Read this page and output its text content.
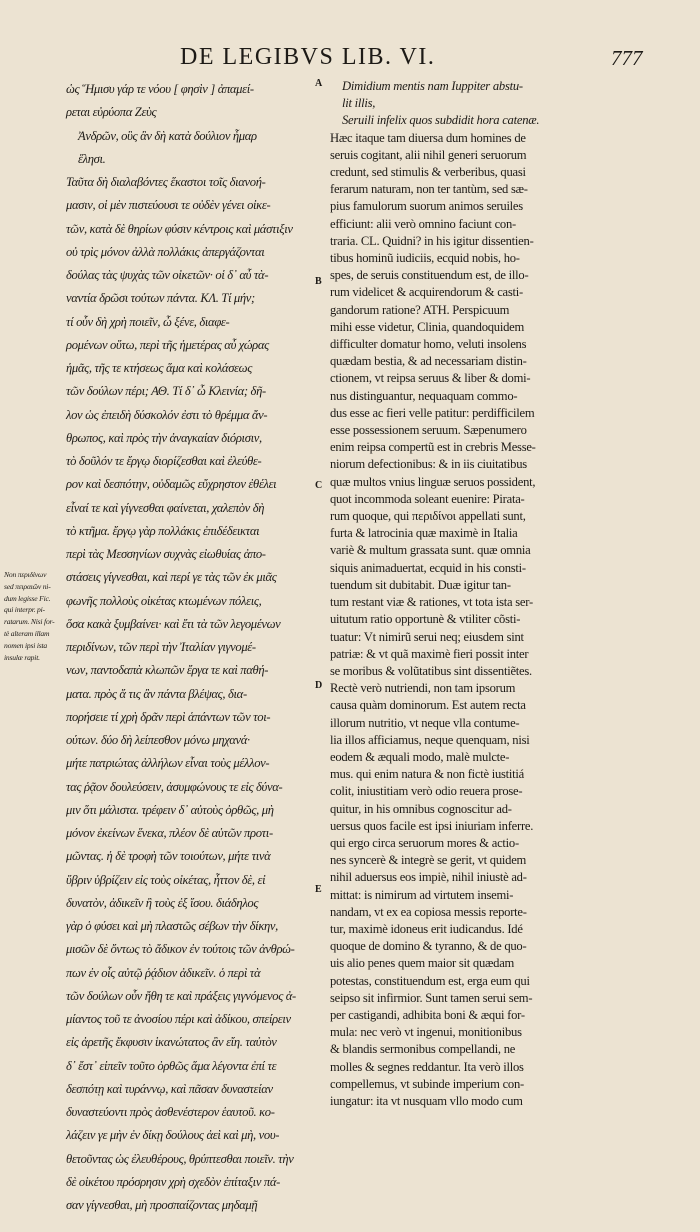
DE LEGIBVS LIB. VI.	777
ὡς Ἥμισυ γάρ τε νόου [ φησὶν ] ἀπαμεί-
ρεται εὐρύοπα Ζεὺς
Ἀνδρῶν, οὓς ἂν δὴ κατὰ δούλιον ἦμαρ
ἕλησι.
Ταῦτα δὴ διαλαβόντες ἕκαστοι τοῖς διανοή-
μασιν, οἱ μὲν πιστεύουσι τε οὐδὲν γένει οἰκε-
τῶν, κατὰ δὲ θηρίων φύσιν κέντροις καὶ μάστιξιν
οὐ τρὶς μόνον ἀλλὰ πολλάκις ἀπεργάζονται
δούλας τὰς ψυχὰς τῶν οἰκετῶν· οἱ δ᾽ αὖ τὰ-
ναντία δρῶσι τούτων πάντα. ΚΛ. Τί μήν;
τί οὖν δὴ χρὴ ποιεῖν, ὦ ξένε, διαφε-
ρομένων οὕτω, περὶ τῆς ἡμετέρας αὖ χώρας
ἡμᾶς, τῆς τε κτήσεως ἅμα καὶ κολάσεως
τῶν δούλων πέρι; ΑΘ. Τί δ᾽ ὦ Κλεινία; δῆ-
λον ὡς ἐπειδὴ δύσκολόν ἐστι τὸ θρέμμα ἄν-
θρωπος, καὶ πρὸς τὴν ἀναγκαίαν διόρισιν,
τὸ δοῦλόν τε ἔργῳ διορίζεσθαι καὶ ἐλεύθε-
ρον καὶ δεσπότην, οὐδαμῶς εὔχρηστον ἐθέλει
εἶναί τε καὶ γίγνεσθαι φαίνεται, χαλεπὸν δὴ
τὸ κτῆμα. ἔργῳ γὰρ πολλάκις ἐπιδέδεικται
περὶ τὰς Μεσσηνίων συχνὰς εἰωθυίας ἀπο-
στάσεις γίγνεσθαι, καὶ περί γε τὰς τῶν ἐκ μιᾶς
φωνῆς πολλοὺς οἰκέτας κτωμένων πόλεις,
ὅσα κακὰ ξυμβαίνει· καὶ ἔτι τὰ τῶν λεγομένων
περιδίνων, τῶν περὶ τὴν Ἰταλίαν γιγνομέ-
νων, παντοδαπὰ κλωπῶν ἔργα τε καὶ παθή-
ματα. πρὸς ἅ τις ἂν πάντα βλέψας, δια-
πορήσειε τί χρὴ δρᾶν περὶ ἁπάντων τῶν τοι-
ούτων. δύο δὴ λείπεσθον μόνω μηχανά·
μήτε πατριώτας ἀλλήλων εἶναι τοὺς μέλλον-
τας ῥᾷον δουλεύσειν, ἀσυμφώνους τε εἰς δύνα-
μιν ὅτι μάλιστα. τρέφειν δ᾽ αὐτοὺς ὀρθῶς, μὴ
μόνον ἐκείνων ἕνεκα, πλέον δὲ αὑτῶν προτι-
μῶντας. ἡ δὲ τροφὴ τῶν τοιούτων, μήτε τινὰ
ὕβριν ὑβρίζειν εἰς τοὺς οἰκέτας, ἧττον δὲ, εἰ
δυνατὸν, ἀδικεῖν ἢ τοὺς ἐξ ἴσου. διάδηλος
γὰρ ὁ φύσει καὶ μὴ πλαστῶς σέβων τὴν δίκην,
μισῶν δὲ ὄντως τὸ ἄδικον ἐν τούτοις τῶν ἀνθρώ-
πων ἐν οἷς αὐτῷ ῥᾴδιον ἀδικεῖν. ὁ περὶ τὰ
τῶν δούλων οὖν ἤθη τε καὶ πράξεις γιγνόμενος ἀ-
μίαντος τοῦ τε ἀνοσίου πέρι καὶ ἀδίκου, σπείρειν
εἰς ἀρετῆς ἔκφυσιν ἱκανώτατος ἂν εἴη. ταὐτὸν
δ᾽ ἔστ᾽ εἰπεῖν τοῦτο ὀρθῶς ἅμα λέγοντα ἐπί τε
δεσπότῃ καὶ τυράννῳ, καὶ πᾶσαν δυναστείαν
δυναστεύοντι πρὸς ἀσθενέστερον ἑαυτοῦ. κο-
λάζειν γε μὴν ἐν δίκῃ δούλους ἀεὶ καὶ μὴ, νου-
θετοῦντας ὡς ἐλευθέρους, θρύπτεσθαι ποιεῖν. τὴν
δὲ οἰκέτου πρόσρησιν χρὴ σχεδὸν ἐπίταξιν πά-
σαν γίγνεσθαι, μὴ προσπαίζοντας μηδαμῇ
Dimidium mentis nam Iuppiter abstu-
lit illis,
Seruili infelix quos subdidit hora catenæ.
Hæc itaque tam diuersa dum homines de
seruis cogitant, alii nihil generi seruorum
credunt, sed stimulis & verberibus, quasi
ferarum naturam, non ter tantùm, sed sæ-
pius famulorum suorum animos seruiles
efficiunt: alii verò omnino faciunt con-
traria. CL. Quidni? in his igitur dissentien-
tibus hominũ iudiciis, ecquid nobis, ho-
spes, de seruis constituendum est, de illo-
rum videlicet & acquirendorum & casti-
gandorum ratione? ATH. Perspicuum
mihi esse videtur, Clinia, quandoquidem
difficulter domatur homo, veluti insolens
quædam bestia, & ad necessariam distin-
ctionem, vt reipsa seruus & liber & domi-
nus distinguantur, nequaquam commo-
dus esse ac fieri velle patitur: perdifficilem
esse possessionem seruum. Sæpenumero
enim reipsa compertũ est in crebris Messe-
niorum defectionibus: & in iis ciuitatibus
quæ multos vnius linguæ seruos possident,
quot incommoda soleant euenire: Pirata-
rum quoque, qui περιδίνοι appellati sunt,
furta & latrocinia quæ maximè in Italia
variè & multum grassata sunt. quæ omnia
siquis animaduertat, ecquid in his consti-
tuendum sit dubitabit. Duæ igitur tan-
tum restant viæ & rationes, vt tota ista ser-
uitutum ratio opportunè & vtiliter cõsti-
tuatur: Vt nimirũ serui neq; eiusdem sint
patriæ: & vt quã maximè fieri possit inter
se moribus & volũtatibus sint dissentiẽtes.
Rectè verò nutriendi, non tam ipsorum
causa quàm dominorum. Est autem recta
illorum nutritio, vt neque vlla contume-
lia illos afficiamus, neque quenquam, nisi
eodem & æquali modo, malè mulcte-
mus. qui enim natura & non fictè iustitiá
colit, iniustitiam verò odio reuera prose-
quitur, in his omnibus cognoscitur ad-
uersus quos facile est ipsi iniuriam inferre.
qui ergo circa seruorum mores & actio-
nes syncerè & integrè se gerit, vt quidem
nihil aduersus eos impiè, nihil iniustè ad-
mittat: is nimirum ad virtutem insemi-
nandam, vt ex ea copiosa messis reporte-
tur, maximè idoneus erit iudicandus. Idé
quoque de domino & tyranno, & de quo-
uis alio penes quem maior sit quædam
potestas, constituendum est, erga eum qui
seipso sit infirmior. Sunt tamen serui sem-
per castigandi, adhibita boni & æqui for-
mula: nec verò vt ingenui, monitionibus
& blandis sermonibus compellandi, ne
molles & segnes reddantur. Ita verò illos
compellemus, vt subinde imperium con-
iungatur: ita vt nusquam vllo modo cum
A
B
C
D
E
Non περιδίνων
sed πειραιῶν ni-
dum legisse Fic.
qui interpr. pi-
ratarum. Nisi for-
tè alteram illam
nomen ipsi ista
insulæ rapit.
